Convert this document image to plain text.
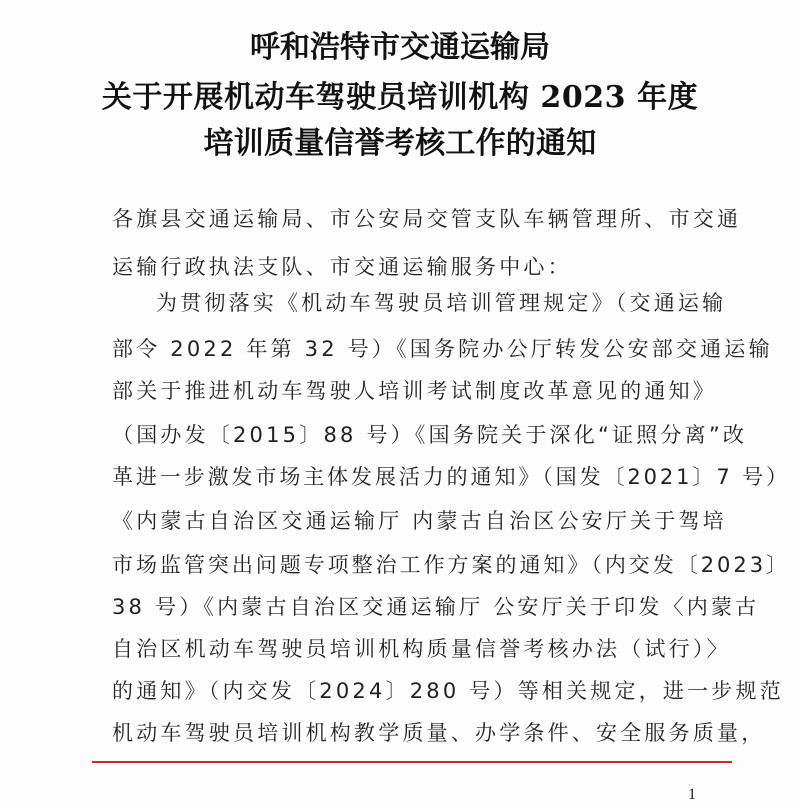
呼和浩特市交通运输局
关于开展机动车驾驶员培训机构 2023 年度
培训质量信誉考核工作的通知
各旗县交通运输局、市公安局交管支队车辆管理所、市交通
运输行政执法支队、市交通运输服务中心：
为贯彻落实《机动车驾驶员培训管理规定》（交通运输
部令 2022 年第 32 号）《国务院办公厅转发公安部交通运输
部关于推进机动车驾驶人培训考试制度改革意见的通知》
（国办发〔2015〕88 号）《国务院关于深化“证照分离”改
革进一步激发市场主体发展活力的通知》（国发〔2021〕7 号）
《内蒙古自治区交通运输厅 内蒙古自治区公安厅关于驾培
市场监管突出问题专项整治工作方案的通知》（内交发〔2023〕
38 号）《内蒙古自治区交通运输厅 公安厅关于印发〈内蒙古
自治区机动车驾驶员培训机构质量信誉考核办法（试行）〉
的通知》（内交发〔2024〕280 号）等相关规定，进一步规范
机动车驾驶员培训机构教学质量、办学条件、安全服务质量，
1
